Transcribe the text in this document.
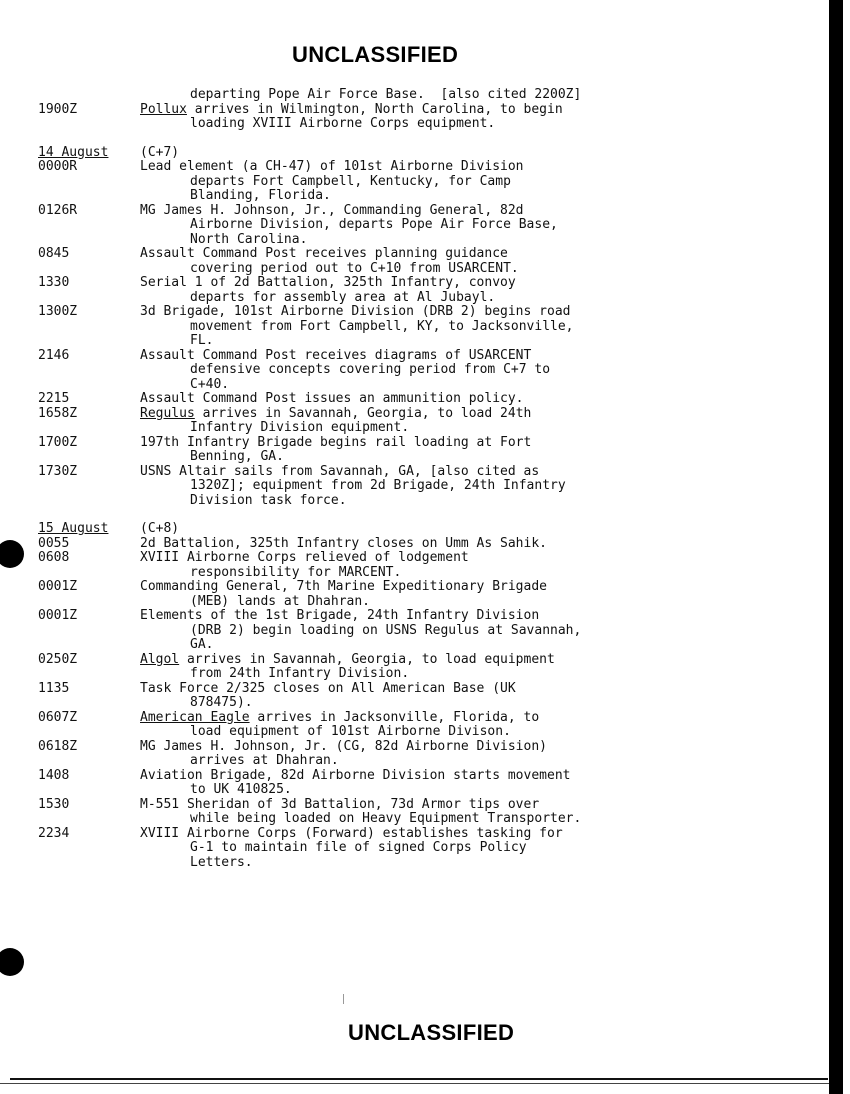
UNCLASSIFIED
departing Pope Air Force Base.  [also cited 2200Z]
1900Z	Pollux arrives in Wilmington, North Carolina, to begin
loading XVIII Airborne Corps equipment.
14 August	(C+7)
0000R	Lead element (a CH-47) of 101st Airborne Division
departs Fort Campbell, Kentucky, for Camp
Blanding, Florida.
0126R	MG James H. Johnson, Jr., Commanding General, 82d
Airborne Division, departs Pope Air Force Base,
North Carolina.
0845	Assault Command Post receives planning guidance
covering period out to C+10 from USARCENT.
1330	Serial 1 of 2d Battalion, 325th Infantry, convoy
departs for assembly area at Al Jubayl.
1300Z	3d Brigade, 101st Airborne Division (DRB 2) begins road
movement from Fort Campbell, KY, to Jacksonville,
FL.
2146	Assault Command Post receives diagrams of USARCENT
defensive concepts covering period from C+7 to
C+40.
2215	Assault Command Post issues an ammunition policy.
1658Z	Regulus arrives in Savannah, Georgia, to load 24th
Infantry Division equipment.
1700Z	197th Infantry Brigade begins rail loading at Fort
Benning, GA.
1730Z	USNS Altair sails from Savannah, GA, [also cited as
1320Z]; equipment from 2d Brigade, 24th Infantry
Division task force.
15 August	(C+8)
0055	2d Battalion, 325th Infantry closes on Umm As Sahik.
0608	XVIII Airborne Corps relieved of lodgement
responsibility for MARCENT.
0001Z	Commanding General, 7th Marine Expeditionary Brigade
(MEB) lands at Dhahran.
0001Z	Elements of the 1st Brigade, 24th Infantry Division
(DRB 2) begin loading on USNS Regulus at Savannah,
GA.
0250Z	Algol arrives in Savannah, Georgia, to load equipment
from 24th Infantry Division.
1135	Task Force 2/325 closes on All American Base (UK
878475).
0607Z	American Eagle arrives in Jacksonville, Florida, to
load equipment of 101st Airborne Divison.
0618Z	MG James H. Johnson, Jr. (CG, 82d Airborne Division)
arrives at Dhahran.
1408	Aviation Brigade, 82d Airborne Division starts movement
to UK 410825.
1530	M-551 Sheridan of 3d Battalion, 73d Armor tips over
while being loaded on Heavy Equipment Transporter.
2234	XVIII Airborne Corps (Forward) establishes tasking for
G-1 to maintain file of signed Corps Policy
Letters.
UNCLASSIFIED
